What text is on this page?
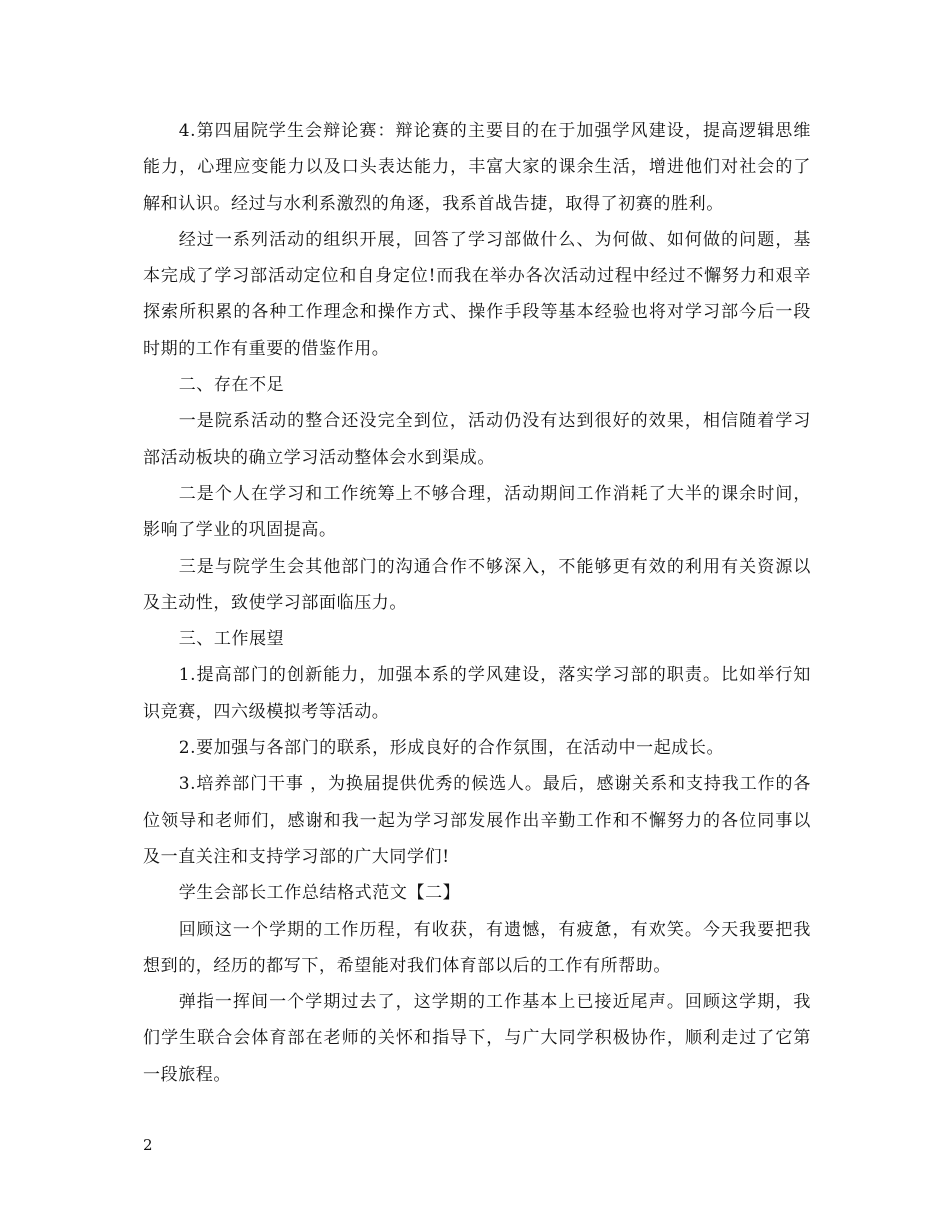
4.第四届院学生会辩论赛：辩论赛的主要目的在于加强学风建设，提高逻辑思维能力，心理应变能力以及口头表达能力，丰富大家的课余生活，增进他们对社会的了解和认识。经过与水利系激烈的角逐，我系首战告捷，取得了初赛的胜利。

经过一系列活动的组织开展，回答了学习部做什么、为何做、如何做的问题，基本完成了学习部活动定位和自身定位!而我在举办各次活动过程中经过不懈努力和艰辛探索所积累的各种工作理念和操作方式、操作手段等基本经验也将对学习部今后一段时期的工作有重要的借鉴作用。

二、存在不足

一是院系活动的整合还没完全到位，活动仍没有达到很好的效果，相信随着学习部活动板块的确立学习活动整体会水到渠成。

二是个人在学习和工作统筹上不够合理，活动期间工作消耗了大半的课余时间，影响了学业的巩固提高。

三是与院学生会其他部门的沟通合作不够深入，不能够更有效的利用有关资源以及主动性，致使学习部面临压力。

三、工作展望

1.提高部门的创新能力，加强本系的学风建设，落实学习部的职责。比如举行知识竞赛，四六级模拟考等活动。

2.要加强与各部门的联系，形成良好的合作氛围，在活动中一起成长。

3.培养部门干事 ，为换届提供优秀的候选人。最后，感谢关系和支持我工作的各位领导和老师们，感谢和我一起为学习部发展作出辛勤工作和不懈努力的各位同事以及一直关注和支持学习部的广大同学们!

学生会部长工作总结格式范文【二】

回顾这一个学期的工作历程，有收获，有遗憾，有疲惫，有欢笑。今天我要把我想到的，经历的都写下，希望能对我们体育部以后的工作有所帮助。

弹指一挥间一个学期过去了，这学期的工作基本上已接近尾声。回顾这学期，我们学生联合会体育部在老师的关怀和指导下，与广大同学积极协作，顺利走过了它第一段旅程。

2
